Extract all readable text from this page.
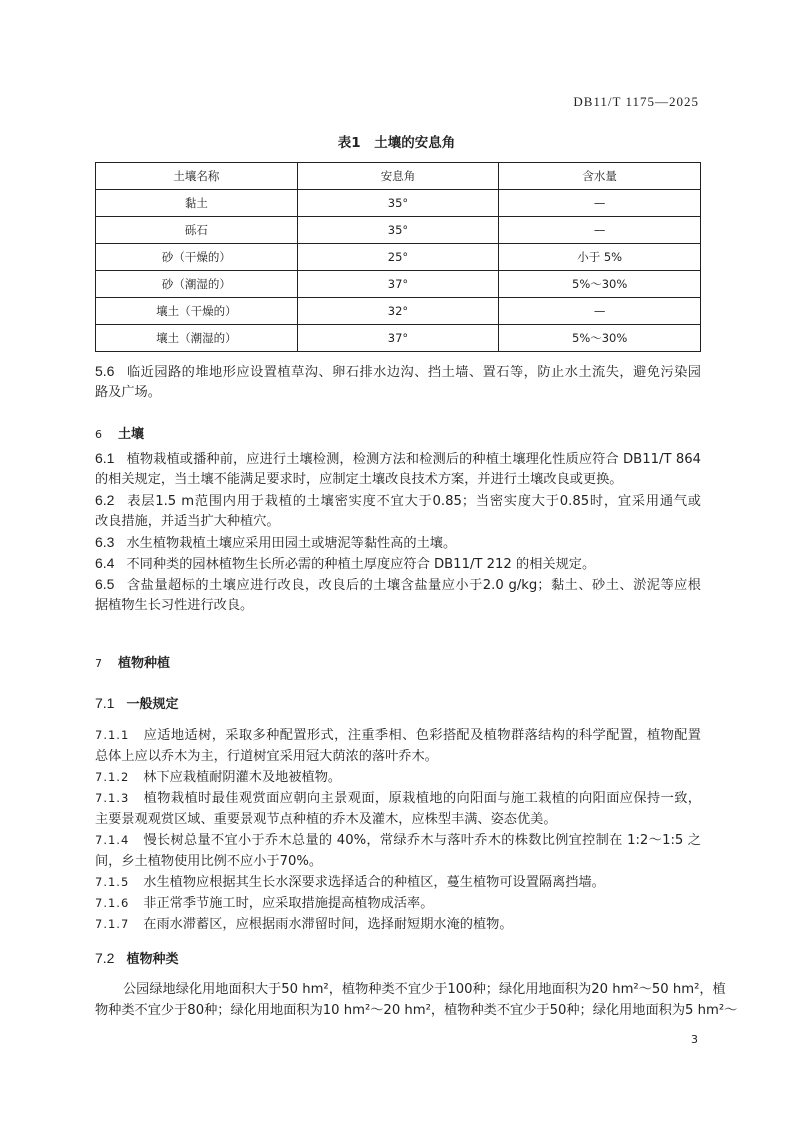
DB11/T 1175—2025
表1　土壤的安息角
土壤名称	安息角	含水量
黏土	35°	—
砾石	35°	—
砂（干燥的）	25°	小于 5%
砂（潮湿的）	37°	5%～30%
壤土（干燥的）	32°	—
壤土（潮湿的）	37°	5%～30%
5.6 临近园路的堆地形应设置植草沟、卵石排水边沟、挡土墙、置石等，防止水土流失，避免污染园
路及广场。
6 土壤
6.1 植物栽植或播种前，应进行土壤检测，检测方法和检测后的种植土壤理化性质应符合 DB11/T 864
的相关规定，当土壤不能满足要求时，应制定土壤改良技术方案，并进行土壤改良或更换。
6.2 表层1.5 m范围内用于栽植的土壤密实度不宜大于0.85；当密实度大于0.85时，宜采用通气或
改良措施，并适当扩大种植穴。
6.3 水生植物栽植土壤应采用田园土或塘泥等黏性高的土壤。
6.4 不同种类的园林植物生长所必需的种植土厚度应符合 DB11/T 212 的相关规定。
6.5 含盐量超标的土壤应进行改良，改良后的土壤含盐量应小于2.0 g/kg；黏土、砂土、淤泥等应根
据植物生长习性进行改良。
7 植物种植
7.1 一般规定
7.1.1 应适地适树，采取多种配置形式，注重季相、色彩搭配及植物群落结构的科学配置，植物配置
总体上应以乔木为主，行道树宜采用冠大荫浓的落叶乔木。
7.1.2 林下应栽植耐阴灌木及地被植物。
7.1.3 植物栽植时最佳观赏面应朝向主景观面，原栽植地的向阳面与施工栽植的向阳面应保持一致，
主要景观观赏区域、重要景观节点种植的乔木及灌木，应株型丰满、姿态优美。
7.1.4 慢长树总量不宜小于乔木总量的 40%，常绿乔木与落叶乔木的株数比例宜控制在 1:2～1:5 之
间，乡土植物使用比例不应小于70%。
7.1.5 水生植物应根据其生长水深要求选择适合的种植区，蔓生植物可设置隔离挡墙。
7.1.6 非正常季节施工时，应采取措施提高植物成活率。
7.1.7 在雨水滞蓄区，应根据雨水滞留时间，选择耐短期水淹的植物。
7.2 植物种类
公园绿地绿化用地面积大于50 hm²，植物种类不宜少于100种；绿化用地面积为20 hm²～50 hm²，植
物种类不宜少于80种；绿化用地面积为10 hm²～20 hm²，植物种类不宜少于50种；绿化用地面积为5 hm²～
3
